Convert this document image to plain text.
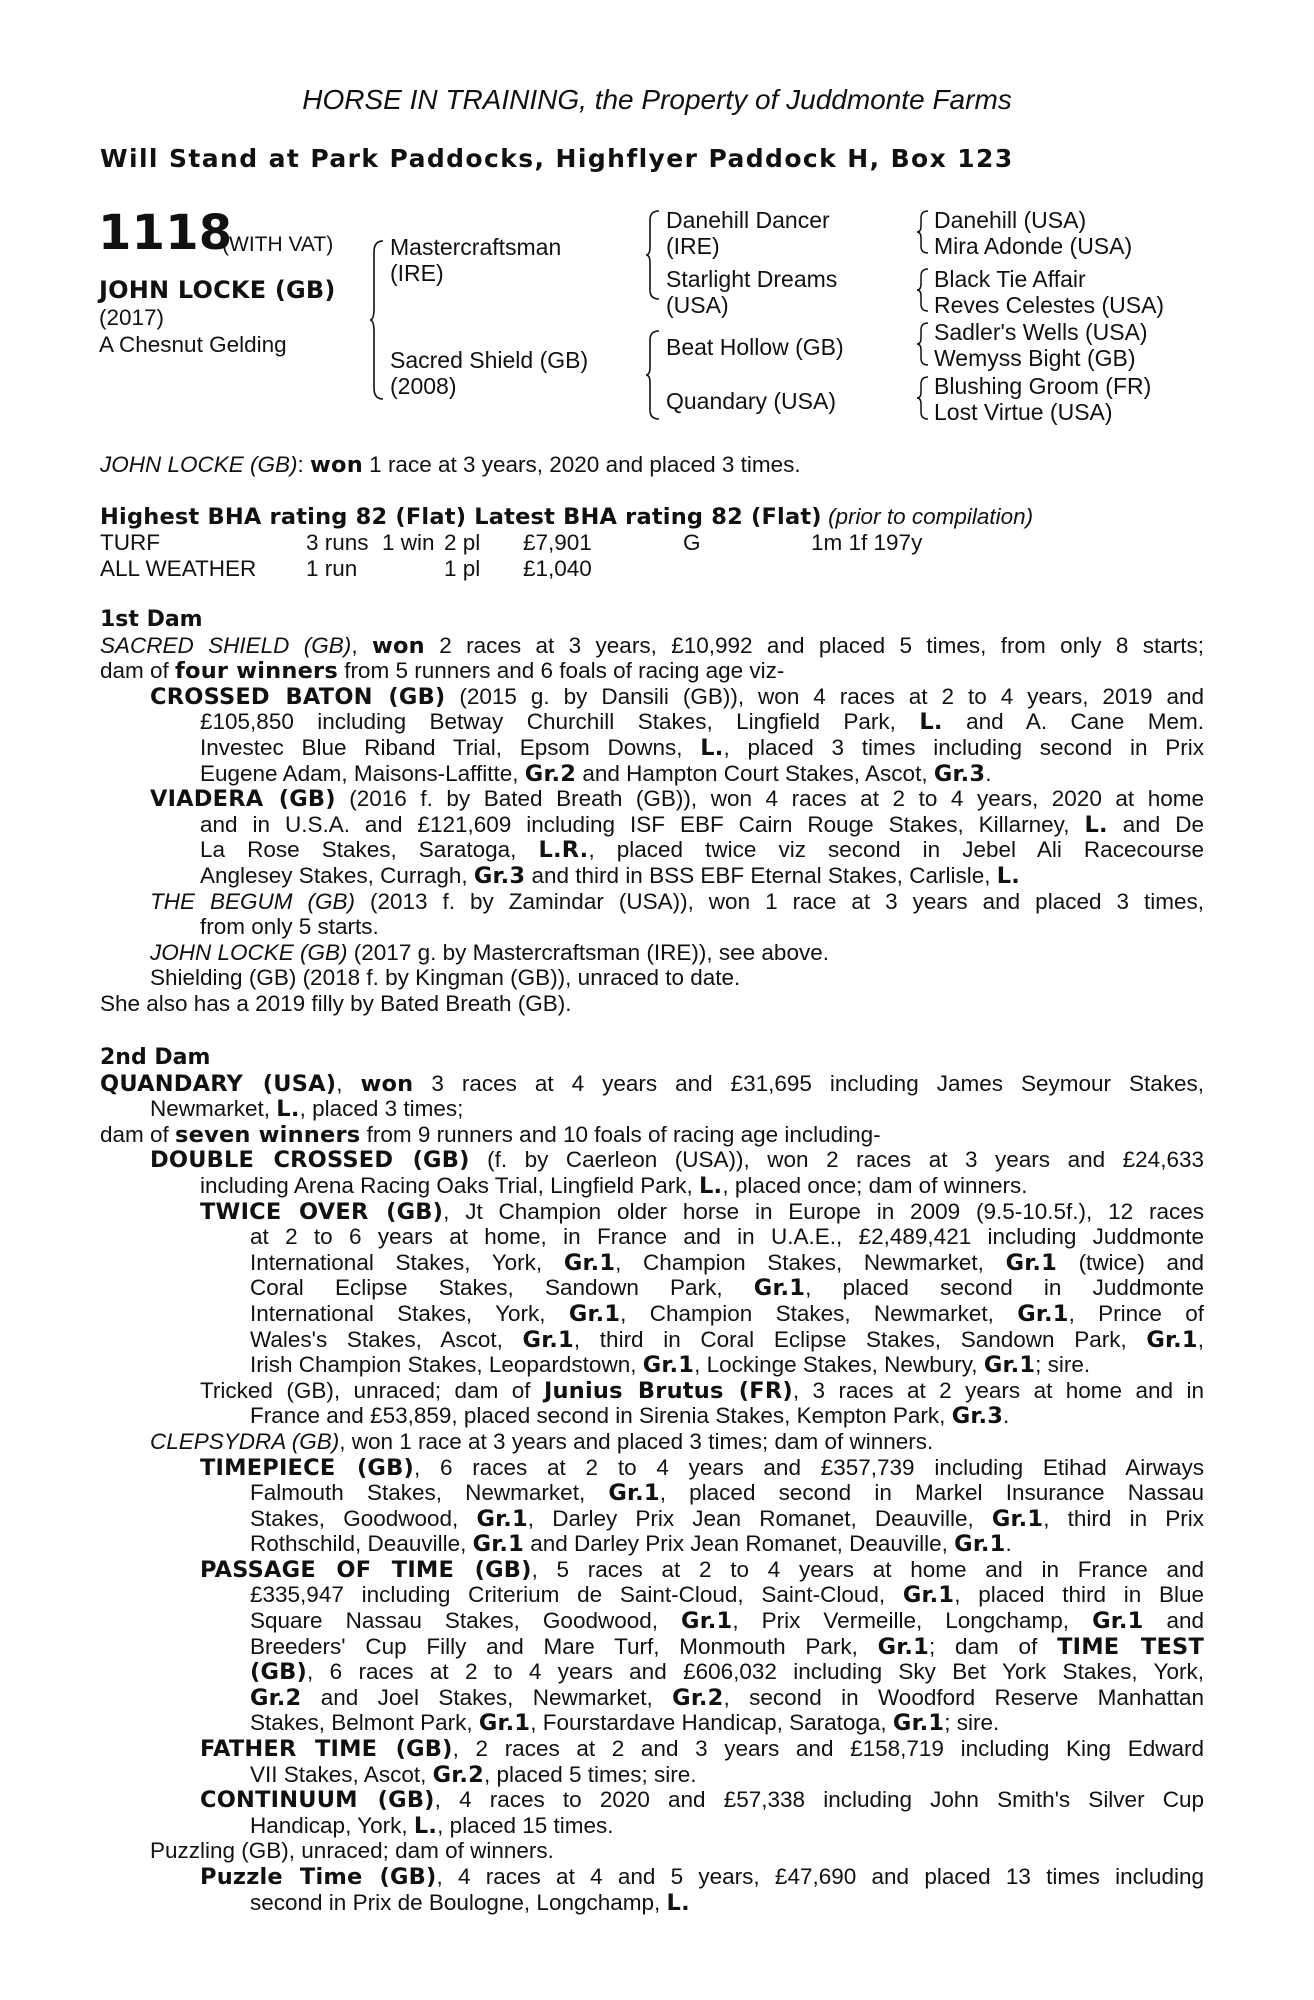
HORSE IN TRAINING, the Property of Juddmonte Farms
Will Stand at Park Paddocks, Highflyer Paddock H, Box 123
1118
(WITH VAT)
JOHN LOCKE (GB)
(2017)
A Chesnut Gelding
Mastercraftsman
(IRE)
Sacred Shield (GB)
(2008)
Danehill Dancer
(IRE)
Starlight Dreams
(USA)
Beat Hollow (GB)
Quandary (USA)
Danehill (USA)
Mira Adonde (USA)
Black Tie Affair
Reves Celestes (USA)
Sadler's Wells (USA)
Wemyss Bight (GB)
Blushing Groom (FR)
Lost Virtue (USA)
JOHN LOCKE (GB): won 1 race at 3 years, 2020 and placed 3 times.
Highest BHA rating 82 (Flat) Latest BHA rating 82 (Flat) (prior to compilation)
TURF	3 runs	1 win	2 pl	£7,901	G	1m 1f 197y
ALL WEATHER	1 run		1 pl	£1,040		
1st Dam
SACRED SHIELD (GB), won 2 races at 3 years, £10,992 and placed 5 times, from only 8 starts;
dam of four winners from 5 runners and 6 foals of racing age viz-
CROSSED BATON (GB) (2015 g. by Dansili (GB)), won 4 races at 2 to 4 years, 2019 and
£105,850 including Betway Churchill Stakes, Lingfield Park, L. and A. Cane Mem.
Investec Blue Riband Trial, Epsom Downs, L., placed 3 times including second in Prix
Eugene Adam, Maisons-Laffitte, Gr.2 and Hampton Court Stakes, Ascot, Gr.3.
VIADERA (GB) (2016 f. by Bated Breath (GB)), won 4 races at 2 to 4 years, 2020 at home
and in U.S.A. and £121,609 including ISF EBF Cairn Rouge Stakes, Killarney, L. and De
La Rose Stakes, Saratoga, L.R., placed twice viz second in Jebel Ali Racecourse
Anglesey Stakes, Curragh, Gr.3 and third in BSS EBF Eternal Stakes, Carlisle, L.
THE BEGUM (GB) (2013 f. by Zamindar (USA)), won 1 race at 3 years and placed 3 times,
from only 5 starts.
JOHN LOCKE (GB) (2017 g. by Mastercraftsman (IRE)), see above.
Shielding (GB) (2018 f. by Kingman (GB)), unraced to date.
She also has a 2019 filly by Bated Breath (GB).
2nd Dam
QUANDARY (USA), won 3 races at 4 years and £31,695 including James Seymour Stakes,
Newmarket, L., placed 3 times;
dam of seven winners from 9 runners and 10 foals of racing age including-
DOUBLE CROSSED (GB) (f. by Caerleon (USA)), won 2 races at 3 years and £24,633
including Arena Racing Oaks Trial, Lingfield Park, L., placed once; dam of winners.
TWICE OVER (GB), Jt Champion older horse in Europe in 2009 (9.5-10.5f.), 12 races
at 2 to 6 years at home, in France and in U.A.E., £2,489,421 including Juddmonte
International Stakes, York, Gr.1, Champion Stakes, Newmarket, Gr.1 (twice) and
Coral Eclipse Stakes, Sandown Park, Gr.1, placed second in Juddmonte
International Stakes, York, Gr.1, Champion Stakes, Newmarket, Gr.1, Prince of
Wales's Stakes, Ascot, Gr.1, third in Coral Eclipse Stakes, Sandown Park, Gr.1,
Irish Champion Stakes, Leopardstown, Gr.1, Lockinge Stakes, Newbury, Gr.1; sire.
Tricked (GB), unraced; dam of Junius Brutus (FR), 3 races at 2 years at home and in
France and £53,859, placed second in Sirenia Stakes, Kempton Park, Gr.3.
CLEPSYDRA (GB), won 1 race at 3 years and placed 3 times; dam of winners.
TIMEPIECE (GB), 6 races at 2 to 4 years and £357,739 including Etihad Airways
Falmouth Stakes, Newmarket, Gr.1, placed second in Markel Insurance Nassau
Stakes, Goodwood, Gr.1, Darley Prix Jean Romanet, Deauville, Gr.1, third in Prix
Rothschild, Deauville, Gr.1 and Darley Prix Jean Romanet, Deauville, Gr.1.
PASSAGE OF TIME (GB), 5 races at 2 to 4 years at home and in France and
£335,947 including Criterium de Saint-Cloud, Saint-Cloud, Gr.1, placed third in Blue
Square Nassau Stakes, Goodwood, Gr.1, Prix Vermeille, Longchamp, Gr.1 and
Breeders' Cup Filly and Mare Turf, Monmouth Park, Gr.1; dam of TIME TEST
(GB), 6 races at 2 to 4 years and £606,032 including Sky Bet York Stakes, York,
Gr.2 and Joel Stakes, Newmarket, Gr.2, second in Woodford Reserve Manhattan
Stakes, Belmont Park, Gr.1, Fourstardave Handicap, Saratoga, Gr.1; sire.
FATHER TIME (GB), 2 races at 2 and 3 years and £158,719 including King Edward
VII Stakes, Ascot, Gr.2, placed 5 times; sire.
CONTINUUM (GB), 4 races to 2020 and £57,338 including John Smith's Silver Cup
Handicap, York, L., placed 15 times.
Puzzling (GB), unraced; dam of winners.
Puzzle Time (GB), 4 races at 4 and 5 years, £47,690 and placed 13 times including
second in Prix de Boulogne, Longchamp, L.
